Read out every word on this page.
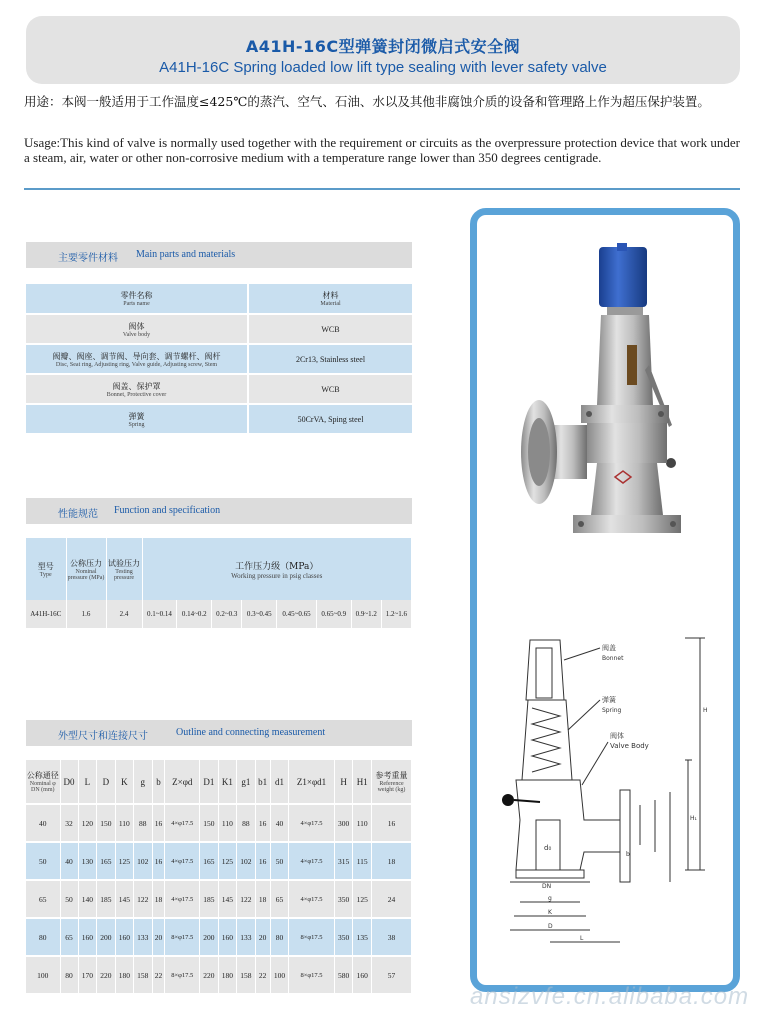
A41H-16C型弹簧封闭微启式安全阀
A41H-16C Spring loaded low lift type sealing with lever safety valve
用途：本阀一般适用于工作温度≤425℃的蒸汽、空气、石油、水以及其他非腐蚀介质的设备和管理路上作为超压保护装置。
Usage:This kind of valve is normally used together with the requirement or circuits as the overpressure protection device that work under a steam, air, water or other non-corrosive medium with a temperature range lower than 350 degrees centigrade.
主要零件材料 Main parts and materials
零件名称
Parts name	材料
Material

阀体
Valve body	WCB

阀瓣、阀座、调节阀、导向套、调节螺杆、阀杆
Disc, Seat ring, Adjusting ring, Valve guide, Adjusting screw, Stem	2Cr13, Stainless steel

阀盖、保护罩
Bonnet, Protective cover	WCB

弹簧
Spring	50CrVA, Sping steel
性能规范 Function and specification
型号
Type	公称压力
Nominal pressure (MPa)	试验压力
Testing pressure	工作压力级（MPa）
Working pressure in psig classes							

A41H-16C	1.6	2.4	0.1~0.14	0.14~0.2	0.2~0.3	0.3~0.45	0.45~0.65	0.65~0.9	0.9~1.2	1.2~1.6
外型尺寸和连接尺寸	Outline and connecting measurement
公称通径
Nominal φ DN (mm)	D0	L	D	K	g	b	Z×φd	D1	K1	g1	b1	d1	Z1×φd1	H	H1	参考重量
Reference weight (kg)

40	32	120	150	110	88	16	4×φ17.5	150	110	88	16	40	4×φ17.5	300	110	16
50	40	130	165	125	102	16	4×φ17.5	165	125	102	16	50	4×φ17.5	315	115	18
65	50	140	185	145	122	18	4×φ17.5	185	145	122	18	65	4×φ17.5	350	125	24
80	65	160	200	160	133	20	8×φ17.5	200	160	133	20	80	8×φ17.5	350	135	38
100	80	170	220	180	158	22	8×φ17.5	220	180	158	22	100	8×φ17.5	580	160	57
阀盖
Bonnet
弹簧
Spring
阀体
Valve Body
H
H₁
L
D
K
g
DN
d₀
b
ansizvfe.cn.alibaba.com
